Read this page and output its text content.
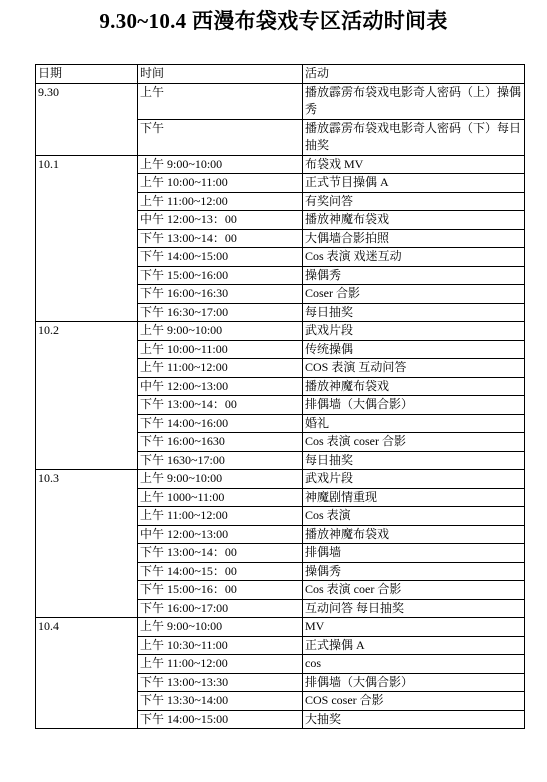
9.30~10.4 西漫布袋戏专区活动时间表
日期	时间	活动
9.30	上午	播放霹雳布袋戏电影奇人密码（上）操偶秀
	下午	播放霹雳布袋戏电影奇人密码（下）每日抽奖
10.1	上午 9:00~10:00	布袋戏 MV
	上午 10:00~11:00	正式节目操偶 A
	上午 11:00~12:00	有奖问答
	中午 12:00~13：00	播放神魔布袋戏
	下午 13:00~14：00	大偶墙合影拍照
	下午 14:00~15:00	Cos 表演 戏迷互动
	下午 15:00~16:00	操偶秀
	下午 16:00~16:30	Coser 合影
	下午 16:30~17:00	每日抽奖
10.2	上午 9:00~10:00	武戏片段
	上午 10:00~11:00	传统操偶
	上午 11:00~12:00	COS 表演 互动问答
	中午 12:00~13:00	播放神魔布袋戏
	下午 13:00~14：00	排偶墙（大偶合影）
	下午 14:00~16:00	婚礼
	下午 16:00~1630	Cos 表演 coser 合影
	下午 1630~17:00	每日抽奖
10.3	上午 9:00~10:00	武戏片段
	上午 1000~11:00	神魔剧情重现
	上午 11:00~12:00	Cos 表演
	中午 12:00~13:00	播放神魔布袋戏
	下午 13:00~14：00	排偶墙
	下午 14:00~15：00	操偶秀
	下午 15:00~16：00	Cos 表演 coer 合影
	下午 16:00~17:00	互动问答 每日抽奖
10.4	上午 9:00~10:00	MV
	上午 10:30~11:00	正式操偶 A
	上午 11:00~12:00	cos
	下午 13:00~13:30	排偶墙（大偶合影）
	下午 13:30~14:00	COS coser 合影
	下午 14:00~15:00	大抽奖
